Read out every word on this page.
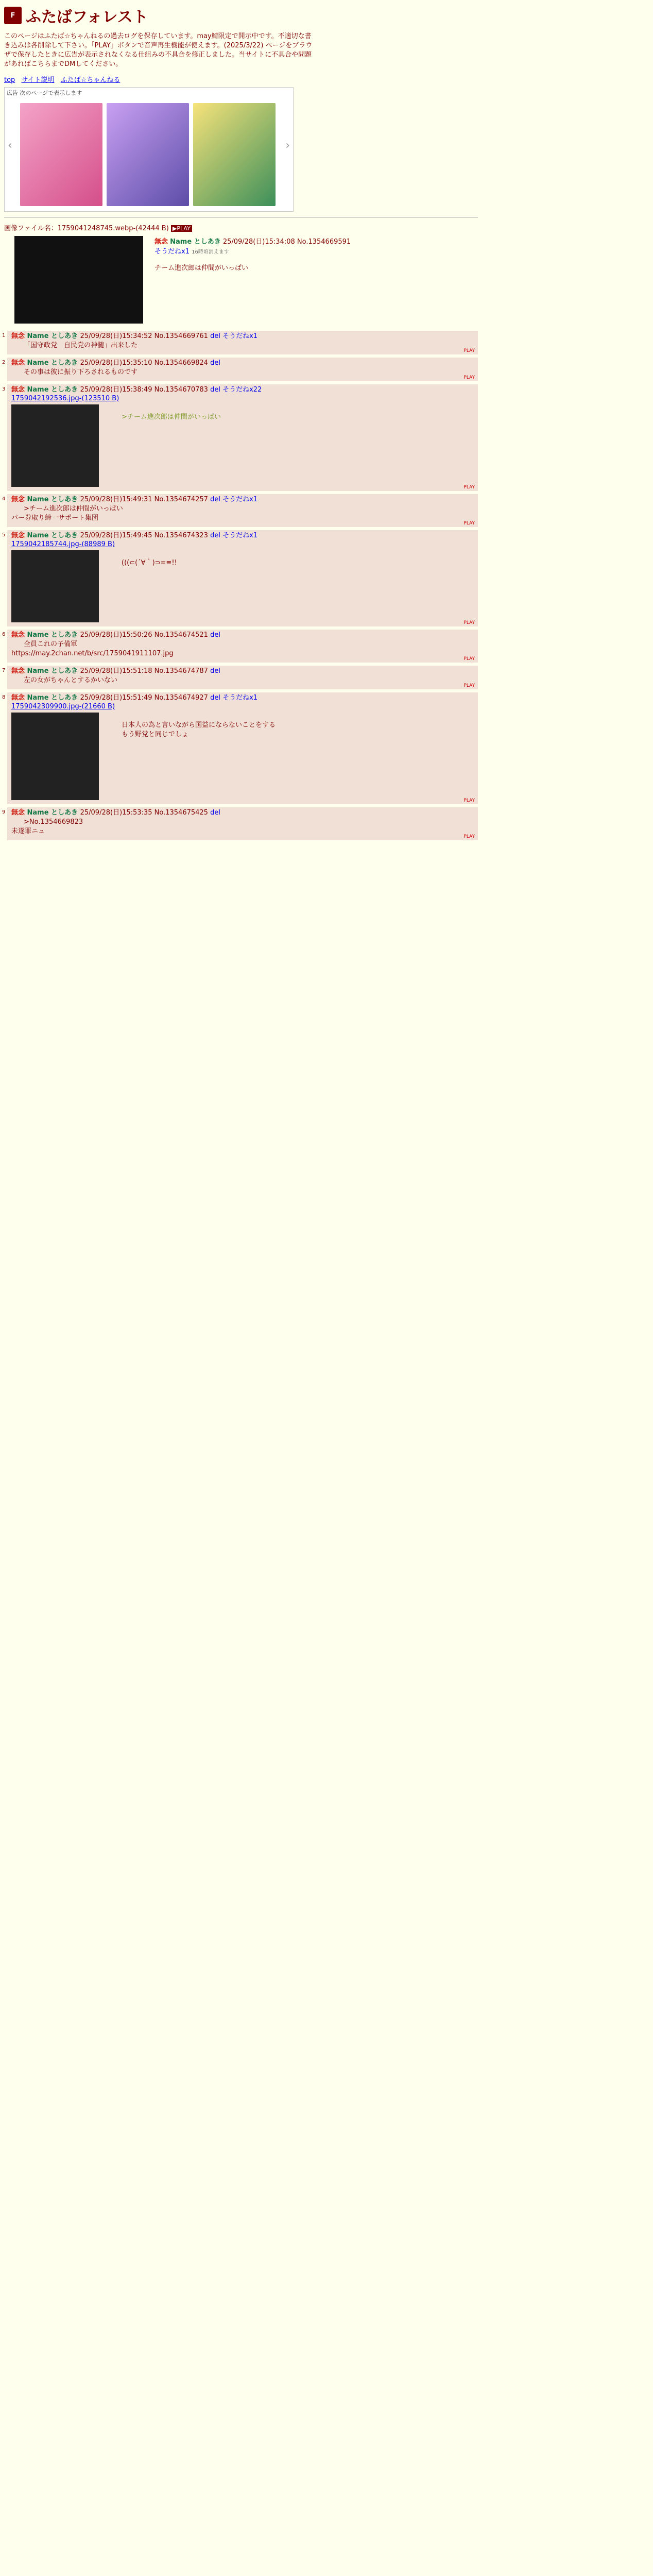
F ふたばフォレスト
このページはふたば☆ちゃんねるの過去ログを保存しています。may鯖限定で開示中です。不適切な書き込みは各削除して下さい。「PLAY」ボタンで音声再生機能が使えます。(2025/3/22) ページをブラウザで保存したときに広告が表示されなくなる仕組みの不具合を修正しました。当サイトに不具合や問題があればこちらまでDMしてください。
top サイト説明 ふたば☆ちゃんねる
広告 次のページで表示します
‹	›
画像ファイル名：1759041248745.webp-(42444 B) ▶PLAY
無念 Name としあき 25/09/28(日)15:34:08 No.1354669591
そうだねx1 16時頃消えます
チーム進次郎は仲間がいっぱい
1 無念 Name としあき 25/09/28(日)15:34:52 No.1354669761 del そうだねx1
「国守政党　自民党の神髄」出来した
PLAY
2 無念 Name としあき 25/09/28(日)15:35:10 No.1354669824 del
その事は彼に振り下ろされるものです
PLAY
3 無念 Name としあき 25/09/28(日)15:38:49 No.1354670783 del そうだねx22
1759042192536.jpg-(123510 B)
>チーム進次郎は仲間がいっぱい
PLAY
4 無念 Name としあき 25/09/28(日)15:49:31 No.1354674257 del そうだねx1
>チーム進次郎は仲間がいっぱい
パー券取り締一サポート集団
PLAY
5 無念 Name としあき 25/09/28(日)15:49:45 No.1354674323 del そうだねx1
1759042185744.jpg-(88989 B)
(((⊂(´∀｀)⊃=≡!!
PLAY
6 無念 Name としあき 25/09/28(日)15:50:26 No.1354674521 del
全員これの予備軍
https://may.2chan.net/b/src/1759041911107.jpg
PLAY
7 無念 Name としあき 25/09/28(日)15:51:18 No.1354674787 del
左の女がちゃんとするかいない
PLAY
8 無念 Name としあき 25/09/28(日)15:51:49 No.1354674927 del そうだねx1
1759042309900.jpg-(21660 B)
日本人の為と言いながら国益にならないことをする
もう野党と同じでしょ
PLAY
9 無念 Name としあき 25/09/28(日)15:53:35 No.1354675425 del
>No.1354669823
未遂罪ニュ
PLAY
